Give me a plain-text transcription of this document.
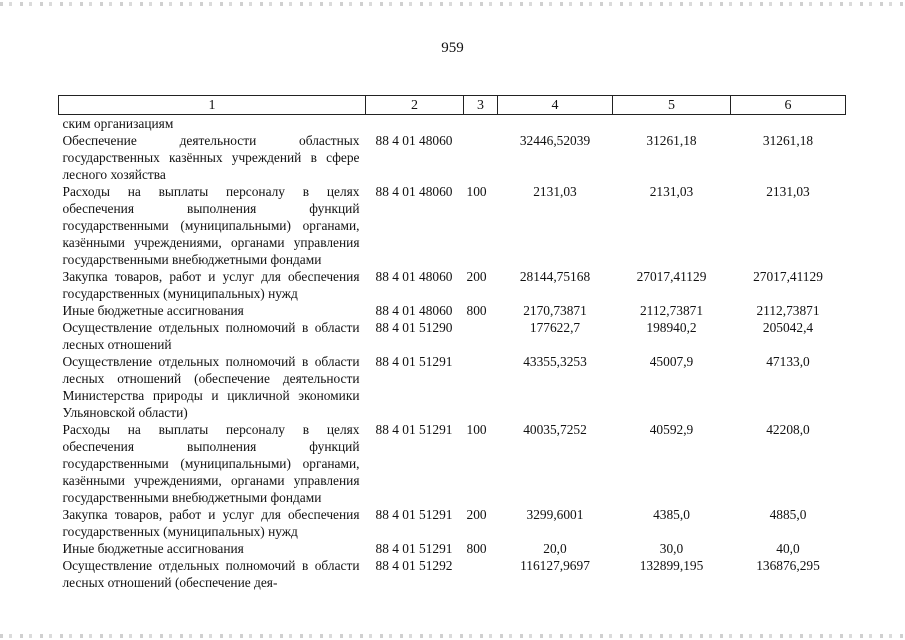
959
1	2	3	4	5	6
ским организациям					
Обеспечение деятельности областных государственных казённых учреждений в сфере лесного хозяйства	88 4 01 48060		32446,52039	31261,18	31261,18
Расходы на выплаты персоналу в целях обеспечения выполнения функций государственными (муниципальными) органами, казёнными учреждениями, органами управления государственными внебюджетными фондами	88 4 01 48060	100	2131,03	2131,03	2131,03
Закупка товаров, работ и услуг для обеспечения государственных (муниципальных) нужд	88 4 01 48060	200	28144,75168	27017,41129	27017,41129
Иные бюджетные ассигнования	88 4 01 48060	800	2170,73871	2112,73871	2112,73871
Осуществление отдельных полномочий в области лесных отношений	88 4 01 51290		177622,7	198940,2	205042,4
Осуществление отдельных полномочий в области лесных отношений (обеспечение деятельности Министерства природы и цикличной экономики Ульяновской области)	88 4 01 51291		43355,3253	45007,9	47133,0
Расходы на выплаты персоналу в целях обеспечения выполнения функций государственными (муниципальными) органами, казёнными учреждениями, органами управления государственными внебюджетными фондами	88 4 01 51291	100	40035,7252	40592,9	42208,0
Закупка товаров, работ и услуг для обеспечения государственных (муниципальных) нужд	88 4 01 51291	200	3299,6001	4385,0	4885,0
Иные бюджетные ассигнования	88 4 01 51291	800	20,0	30,0	40,0
Осуществление отдельных полномочий в области лесных отношений (обеспечение дея-	88 4 01 51292		116127,9697	132899,195	136876,295
